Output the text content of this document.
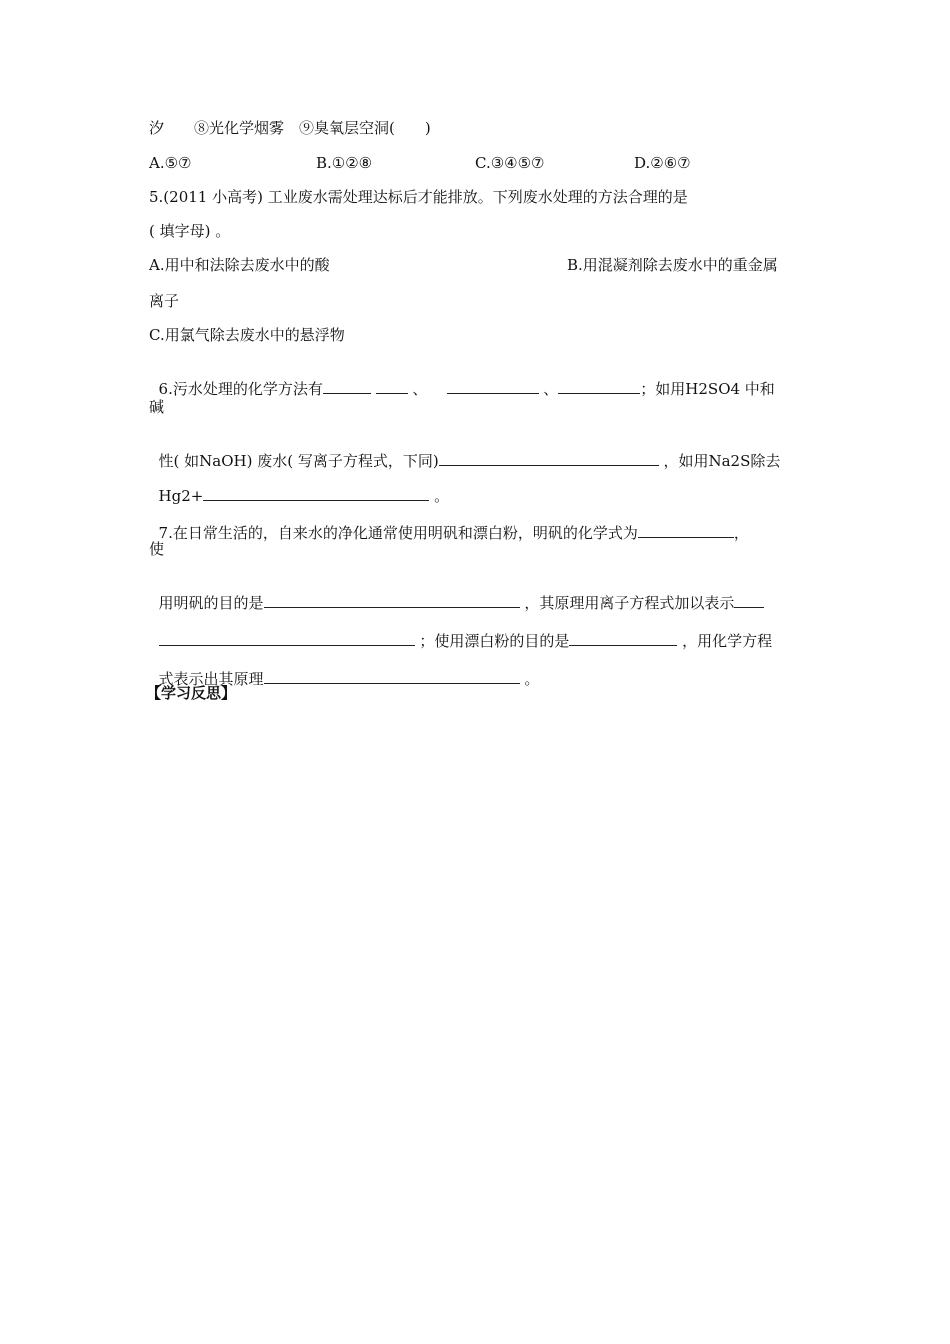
汐　　⑧光化学烟雾　⑨臭氧层空洞(　　)
A.⑤⑦	B.①②⑧	C.③④⑤⑦	D.②⑥⑦
5.(2011 小高考) 工业废水需处理达标后才能排放。下列废水处理的方法合理的是
( 填字母) 。
A.用中和法除去废水中的酸	B.用混凝剂除去废水中的重金属
离子
C.用氯气除去废水中的悬浮物

6.污水处理的化学方法有	、	、	；如用H2SO4 中和

碱

性( 如NaOH) 废水( 写离子方程式，下同)	，如用Na2S除去

Hg2+	。

7.在日常生活的，自来水的净化通常使用明矾和漂白粉，明矾的化学式为	，

使

用明矾的目的是	，其原理用离子方程式加以表示

；使用漂白粉的目的是	，用化学方程

式表示出其原理	。

【学习反思】
